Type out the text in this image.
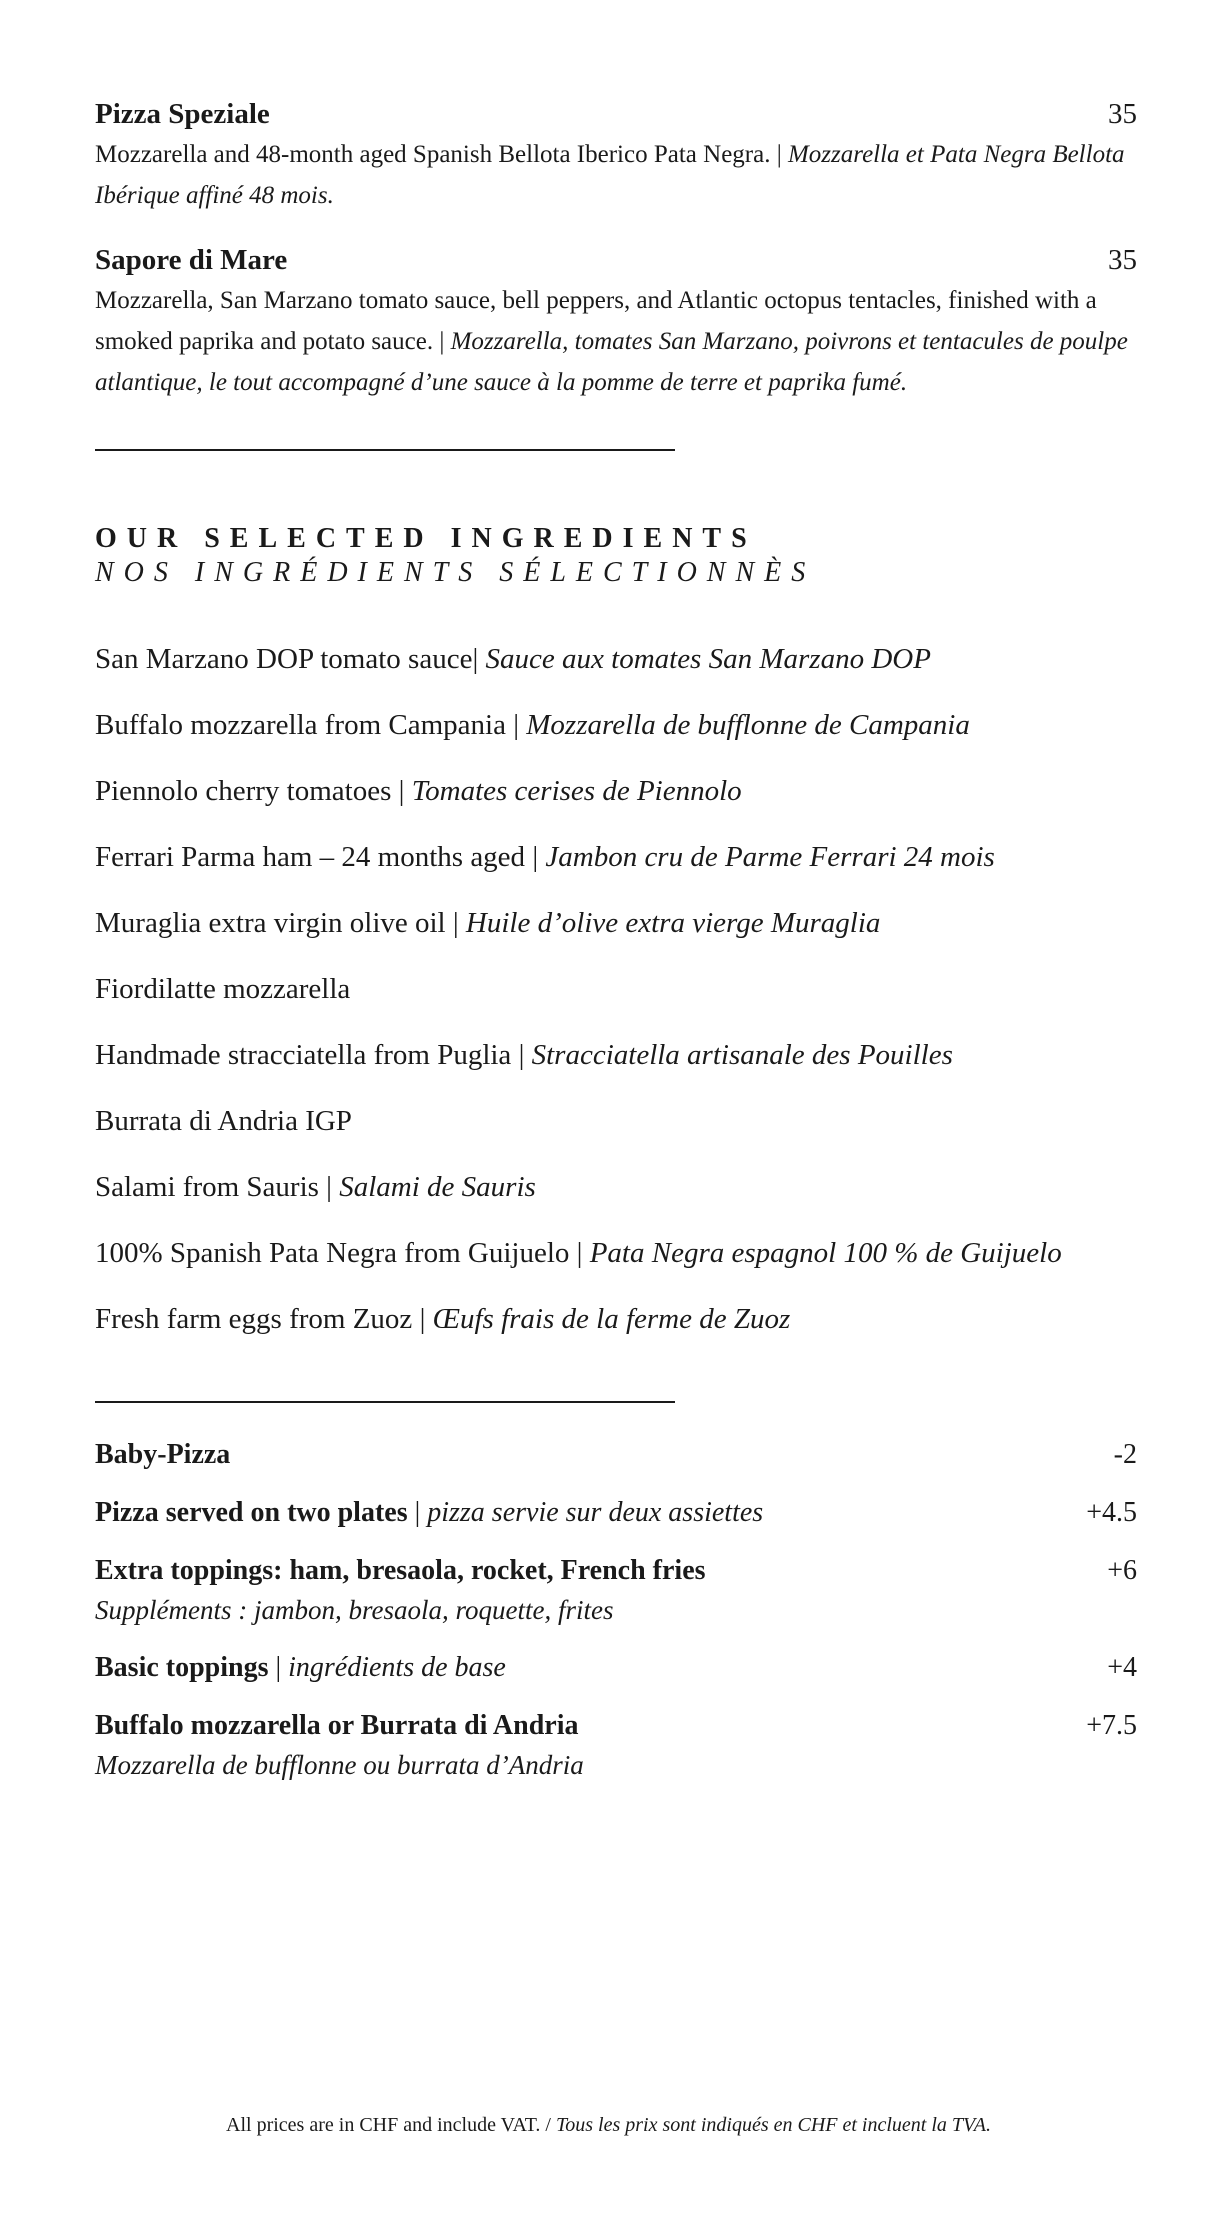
Pizza Speziale	35
Mozzarella and 48-month aged Spanish Bellota Iberico Pata Negra. | Mozzarella et Pata Negra Bellota Ibérique affiné 48 mois.
Sapore di Mare	35
Mozzarella, San Marzano tomato sauce, bell peppers, and Atlantic octopus tentacles, finished with a smoked paprika and potato sauce. | Mozzarella, tomates San Marzano, poivrons et tentacules de poulpe atlantique, le tout accompagné d’une sauce à la pomme de terre et paprika fumé.
OUR SELECTED INGREDIENTS
NOS INGRÉDIENTS SÉLECTIONNÈS
San Marzano DOP tomato sauce| Sauce aux tomates San Marzano DOP
Buffalo mozzarella from Campania | Mozzarella de bufflonne de Campania
Piennolo cherry tomatoes | Tomates cerises de Piennolo
Ferrari Parma ham – 24 months aged | Jambon cru de Parme Ferrari 24 mois
Muraglia extra virgin olive oil | Huile d’olive extra vierge Muraglia
Fiordilatte mozzarella
Handmade stracciatella from Puglia | Stracciatella artisanale des Pouilles
Burrata di Andria IGP
Salami from Sauris | Salami de Sauris
100% Spanish Pata Negra from Guijuelo | Pata Negra espagnol 100 % de Guijuelo
Fresh farm eggs from Zuoz | Œufs frais de la ferme de Zuoz
Baby-Pizza	-2
Pizza served on two plates | pizza servie sur deux assiettes	+4.5
Extra toppings: ham, bresaola, rocket, French fries	+6
Suppléments : jambon, bresaola, roquette, frites
Basic toppings | ingrédients de base	+4
Buffalo mozzarella or Burrata di Andria	+7.5
Mozzarella de bufflonne ou burrata d’Andria
All prices are in CHF and include VAT. / Tous les prix sont indiqués en CHF et incluent la TVA.
